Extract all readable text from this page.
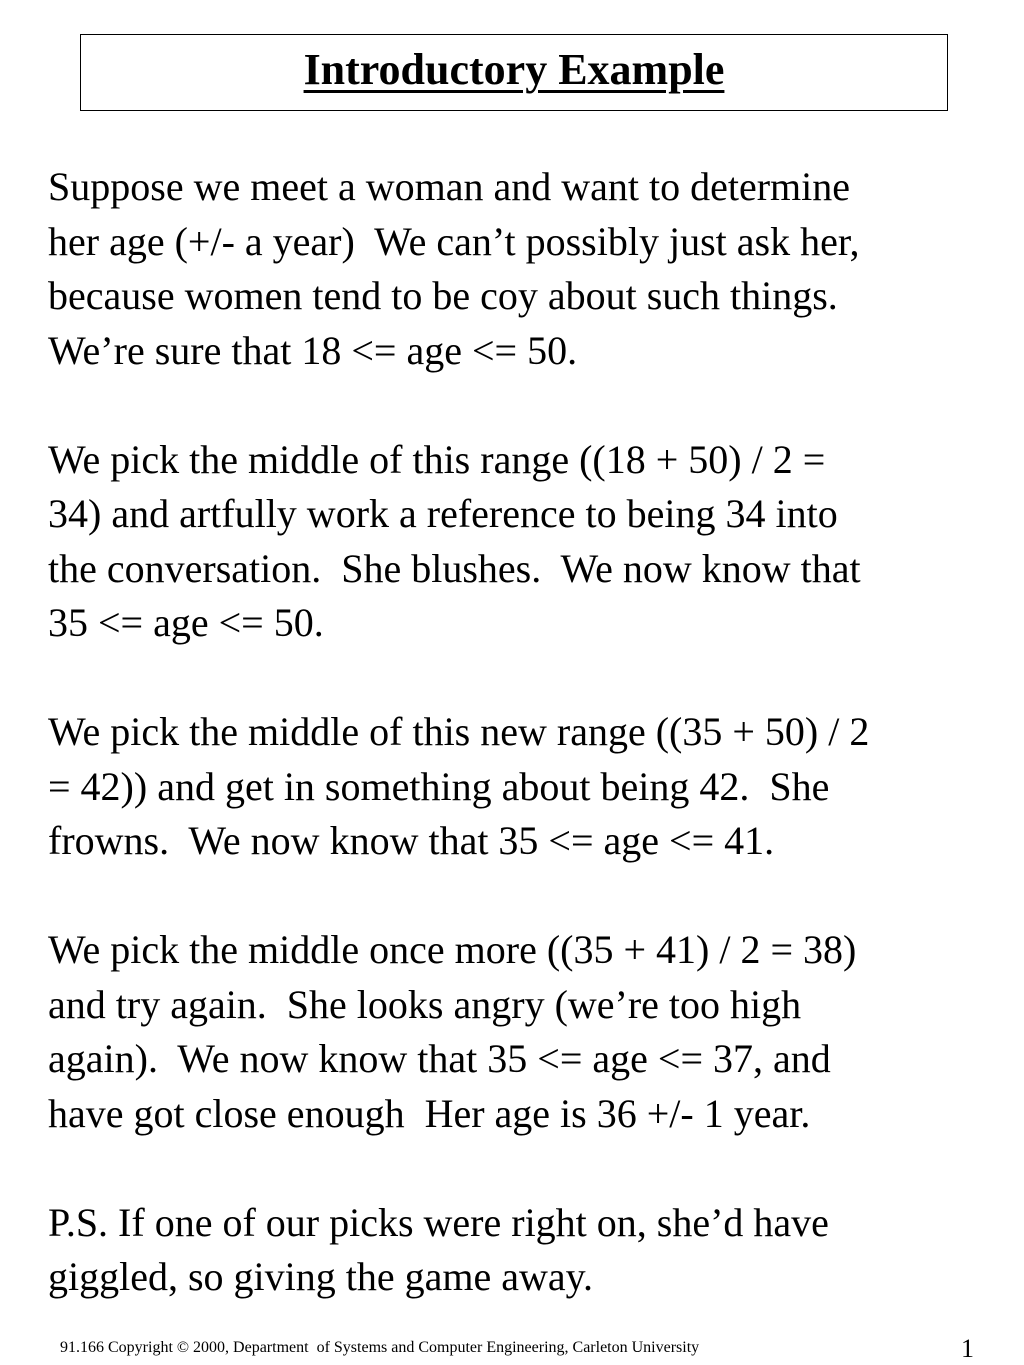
Introductory Example

Suppose we meet a woman and want to determine
her age (+/- a year)  We can’t possibly just ask her,
because women tend to be coy about such things.
We’re sure that 18 <= age <= 50.

We pick the middle of this range ((18 + 50) / 2 =
34) and artfully work a reference to being 34 into
the conversation.  She blushes.  We now know that
35 <= age <= 50.

We pick the middle of this new range ((35 + 50) / 2
= 42)) and get in something about being 42.  She
frowns.  We now know that 35 <= age <= 41.

We pick the middle once more ((35 + 41) / 2 = 38)
and try again.  She looks angry (we’re too high
again).  We now know that 35 <= age <= 37, and
have got close enough  Her age is 36 +/- 1 year.

P.S. If one of our picks were right on, she’d have
giggled, so giving the game away.

91.166 Copyright © 2000, Department  of Systems and Computer Engineering, Carleton University	1
